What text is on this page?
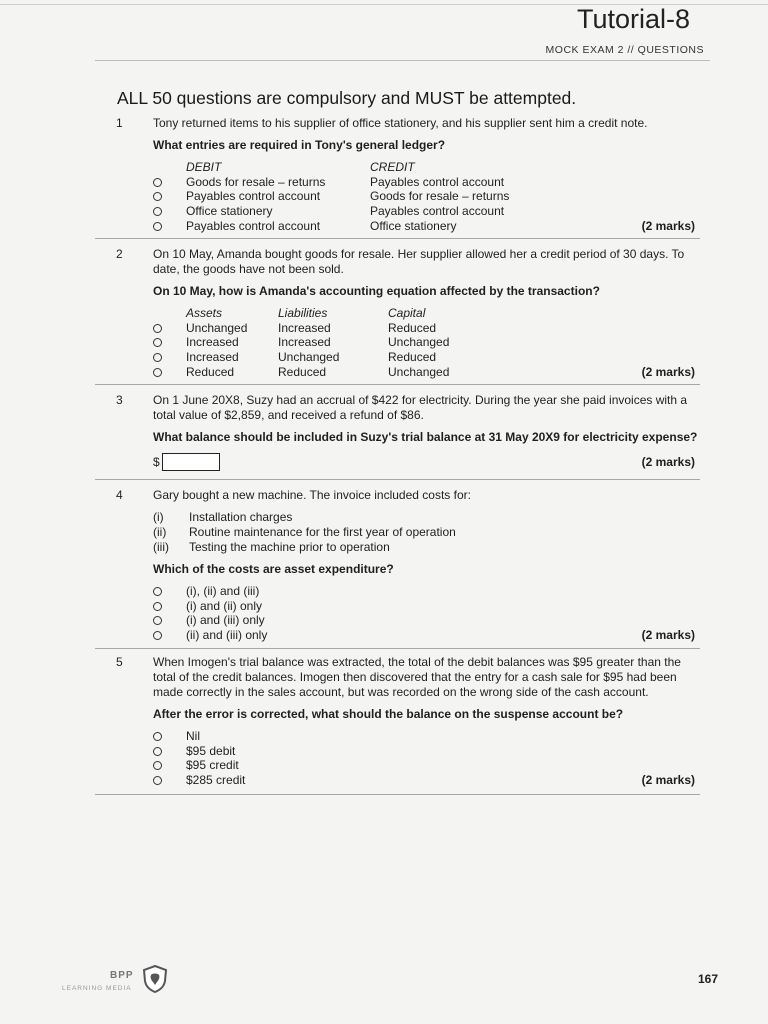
Tutorial-8
MOCK EXAM 2 // QUESTIONS
ALL 50 questions are compulsory and MUST be attempted.
1	Tony returned items to his supplier of office stationery, and his supplier sent him a credit note.

What entries are required in Tony's general ledger?

DEBIT	CREDIT
Goods for resale – returns	Payables control account
Payables control account	Goods for resale – returns
Office stationery	Payables control account
Payables control account	Office stationery	(2 marks)
2	On 10 May, Amanda bought goods for resale. Her supplier allowed her a credit period of 30 days. To date, the goods have not been sold.

On 10 May, how is Amanda's accounting equation affected by the transaction?

Assets	Liabilities	Capital
Unchanged	Increased	Reduced
Increased	Increased	Unchanged
Increased	Unchanged	Reduced
Reduced	Reduced	Unchanged	(2 marks)
3	On 1 June 20X8, Suzy had an accrual of $422 for electricity. During the year she paid invoices with a total value of $2,859, and received a refund of $86.

What balance should be included in Suzy's trial balance at 31 May 20X9 for electricity expense?

$	(2 marks)
4	Gary bought a new machine. The invoice included costs for:

(i)	Installation charges
(ii)	Routine maintenance for the first year of operation
(iii)	Testing the machine prior to operation

Which of the costs are asset expenditure?

(i), (ii) and (iii)
(i) and (ii) only
(i) and (iii) only
(ii) and (iii) only	(2 marks)
5	When Imogen's trial balance was extracted, the total of the debit balances was $95 greater than the total of the credit balances. Imogen then discovered that the entry for a cash sale for $95 had been made correctly in the sales account, but was recorded on the wrong side of the cash account.

After the error is corrected, what should the balance on the suspense account be?

Nil
$95 debit
$95 credit
$285 credit	(2 marks)
BPP
LEARNING MEDIA
167
